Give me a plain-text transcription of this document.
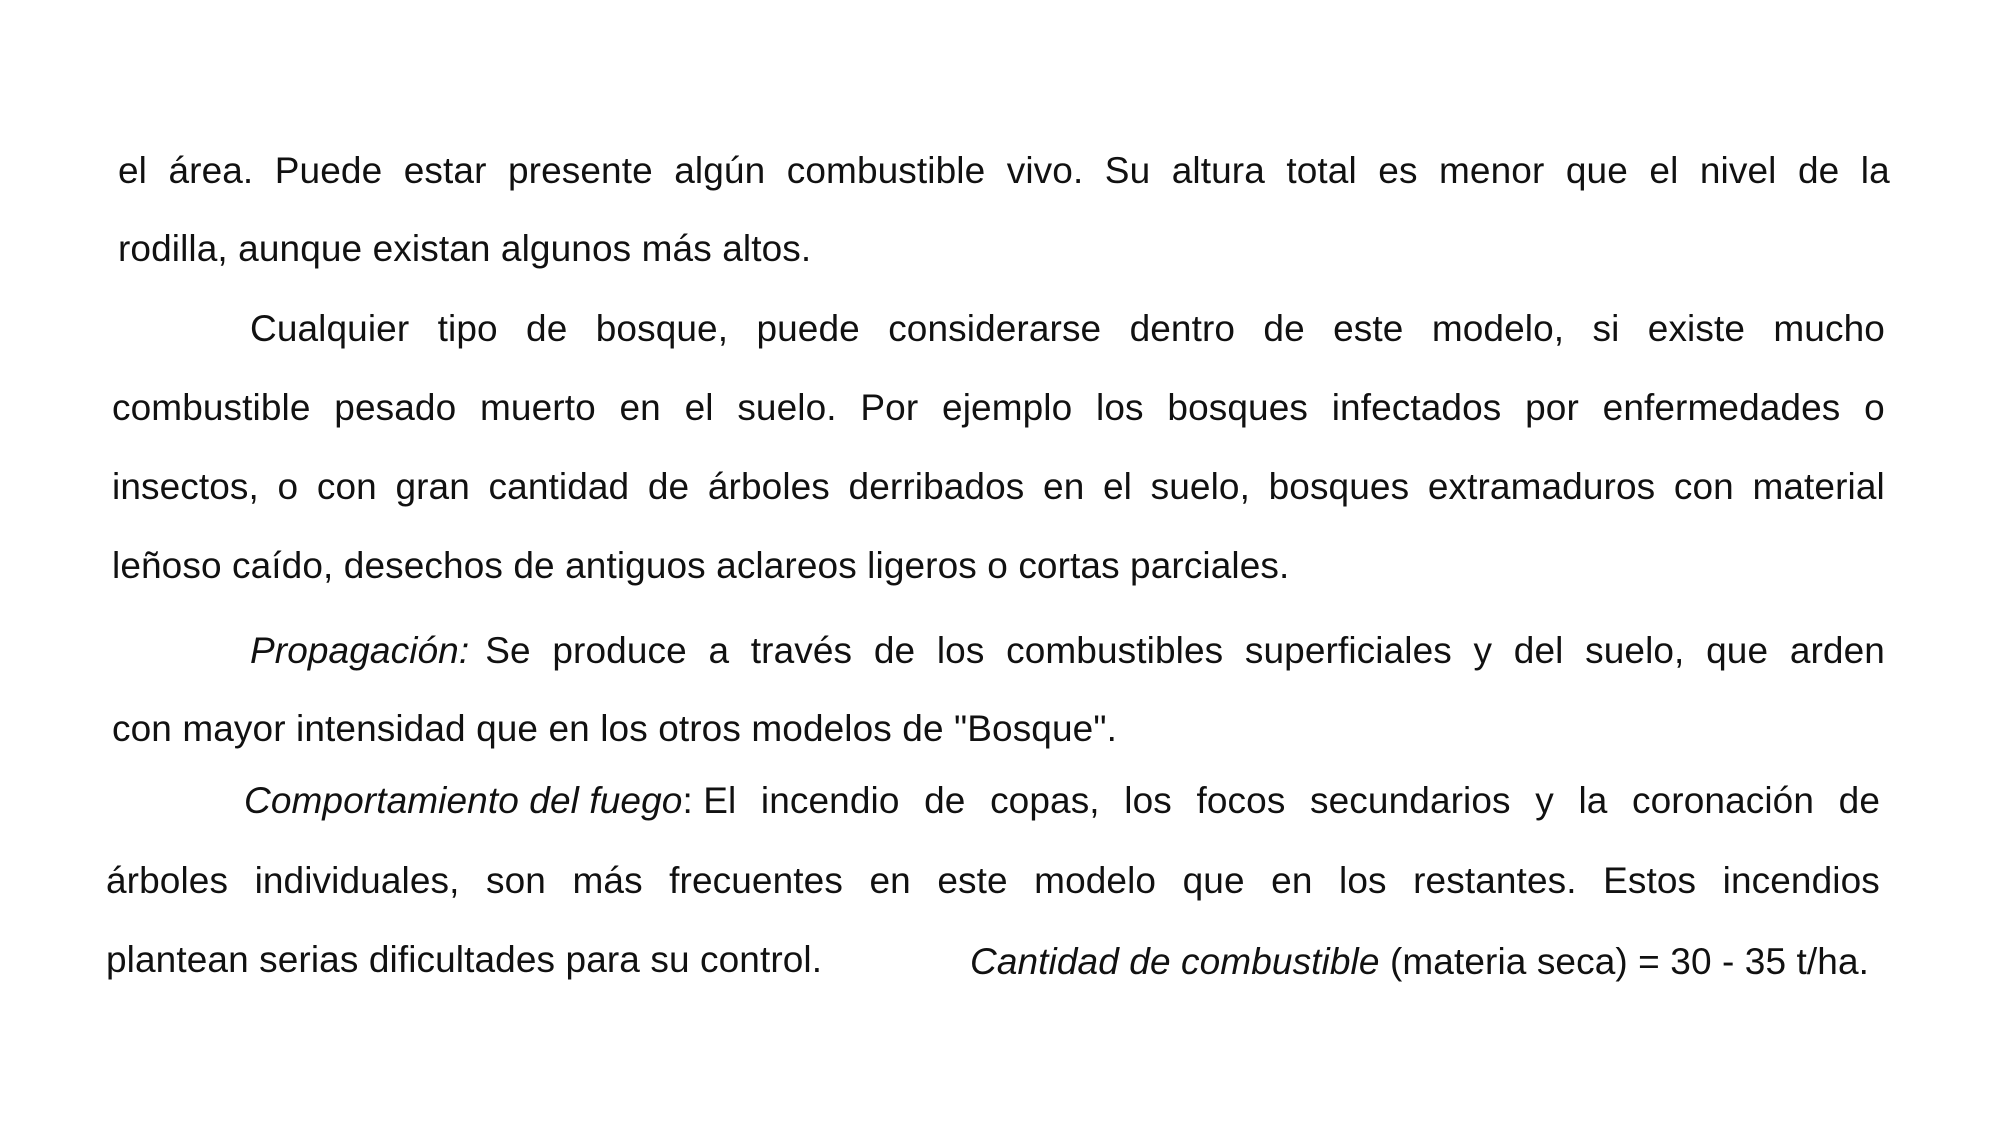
el área. Puede estar presente algún combustible vivo. Su altura total es menor que el nivel de la
rodilla, aunque existan algunos más altos.
Cualquier tipo de bosque, puede considerarse dentro de este modelo, si existe mucho
combustible pesado muerto en el suelo. Por ejemplo los bosques infectados por enfermedades o
insectos, o con gran cantidad de árboles derribados en el suelo, bosques extramaduros con material
leñoso caído, desechos de antiguos aclareos ligeros o cortas parciales.
Propagación: Se produce a través de los combustibles superficiales y del suelo, que arden
con mayor intensidad que en los otros modelos de "Bosque".
Comportamiento del fuego : El incendio de copas, los focos secundarios y la coronación de
árboles individuales, son más frecuentes en este modelo que en los restantes. Estos incendios
plantean serias dificultades para su control.	Cantidad de combustible (materia seca) = 30 - 35 t/ha.
